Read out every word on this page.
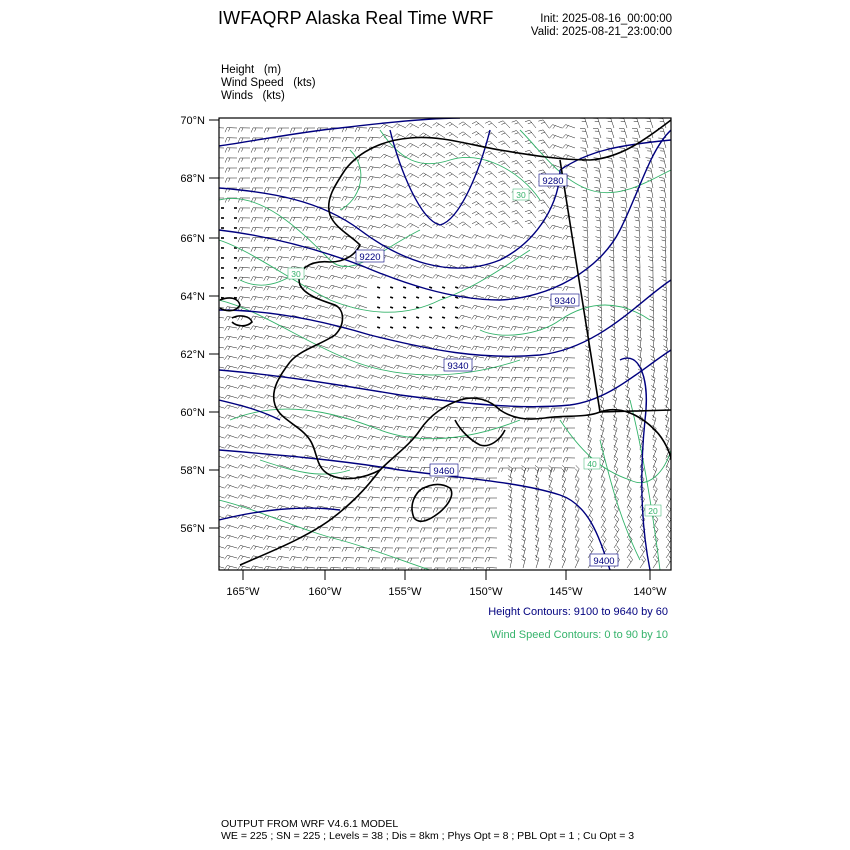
IWFAQRP Alaska Real Time WRF	Init: 2025-08-16_00:00:00
Valid: 2025-08-21_23:00:00
Height   (m)
Wind Speed   (kts)
Winds   (kts)
9280
9220
9340
9340
9400
9460
30
40
30
20
70°N
68°N
66°N
64°N
62°N
60°N
58°N
56°N
165°W	160°W	155°W	150°W	145°W	140°W
Height Contours: 9100 to 9640 by 60
Wind Speed Contours: 0 to 90 by 10
OUTPUT FROM WRF V4.6.1 MODEL
WE = 225 ; SN = 225 ; Levels = 38 ; Dis = 8km ; Phys Opt = 8 ; PBL Opt = 1 ; Cu Opt = 3
